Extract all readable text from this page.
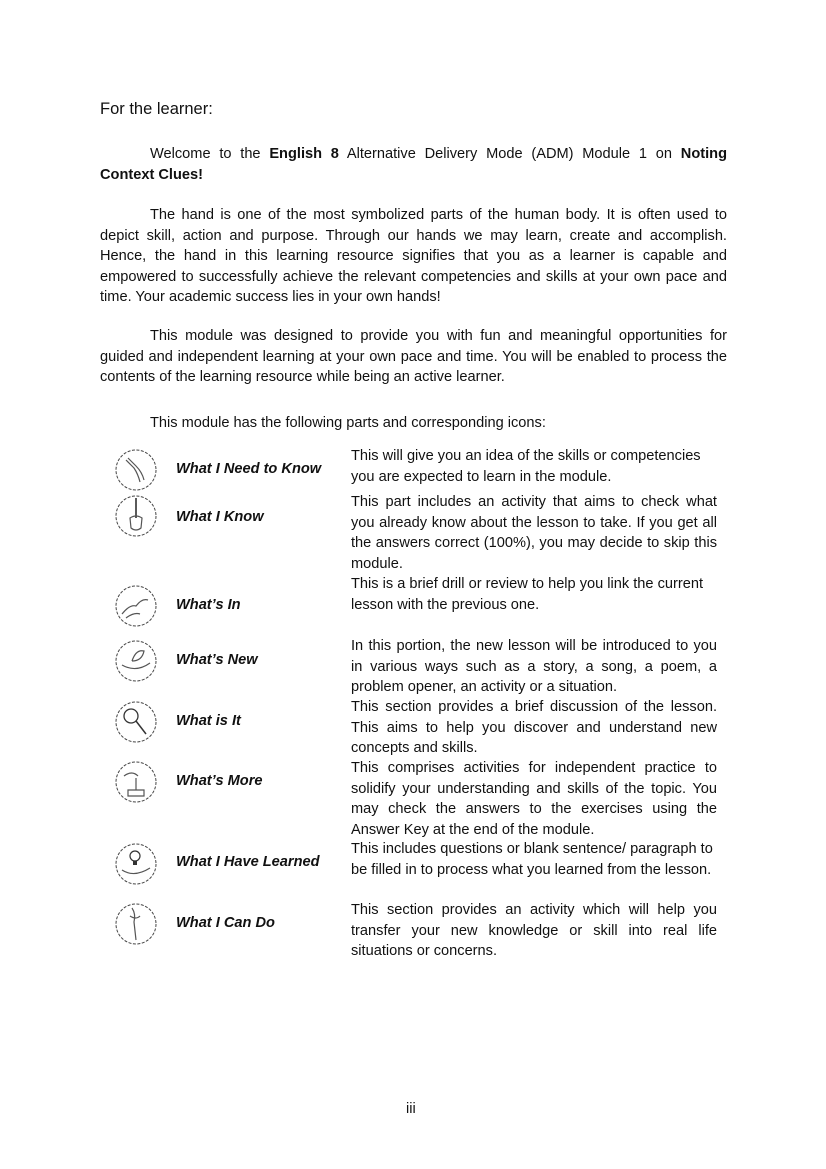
For the learner:

Welcome to the English 8 Alternative Delivery Mode (ADM) Module 1 on Noting Context Clues!

The hand is one of the most symbolized parts of the human body. It is often used to depict skill, action and purpose. Through our hands we may learn, create and accomplish. Hence, the hand in this learning resource signifies that you as a learner is capable and empowered to successfully achieve the relevant competencies and skills at your own pace and time. Your academic success lies in your own hands!

This module was designed to provide you with fun and meaningful opportunities for guided and independent learning at your own pace and time. You will be enabled to process the contents of the learning resource while being an active learner.

This module has the following parts and corresponding icons:

What I Need to Know

This will give you an idea of the skills or competencies you are expected to learn in the module.

What I Know

This part includes an activity that aims to check what you already know about the lesson to take. If you get all the answers correct (100%), you may decide to skip this module.

What’s In

This is a brief drill or review to help you link the current lesson with the previous one.

What’s New

In this portion, the new lesson will be introduced to you in various ways such as a story, a song, a poem, a problem opener, an activity or a situation.

What is It

This section provides a brief discussion of the lesson. This aims to help you discover and understand new concepts and skills.

What’s More

This comprises activities for independent practice to solidify your understanding and skills of the topic. You may check the answers to the exercises using the Answer Key at the end of the module.

What I Have Learned

This includes questions or blank sentence/ paragraph to be filled in to process what you learned from the lesson.

What I Can Do

This section provides an activity which will help you transfer your new knowledge or skill into real life situations or concerns.

iii
